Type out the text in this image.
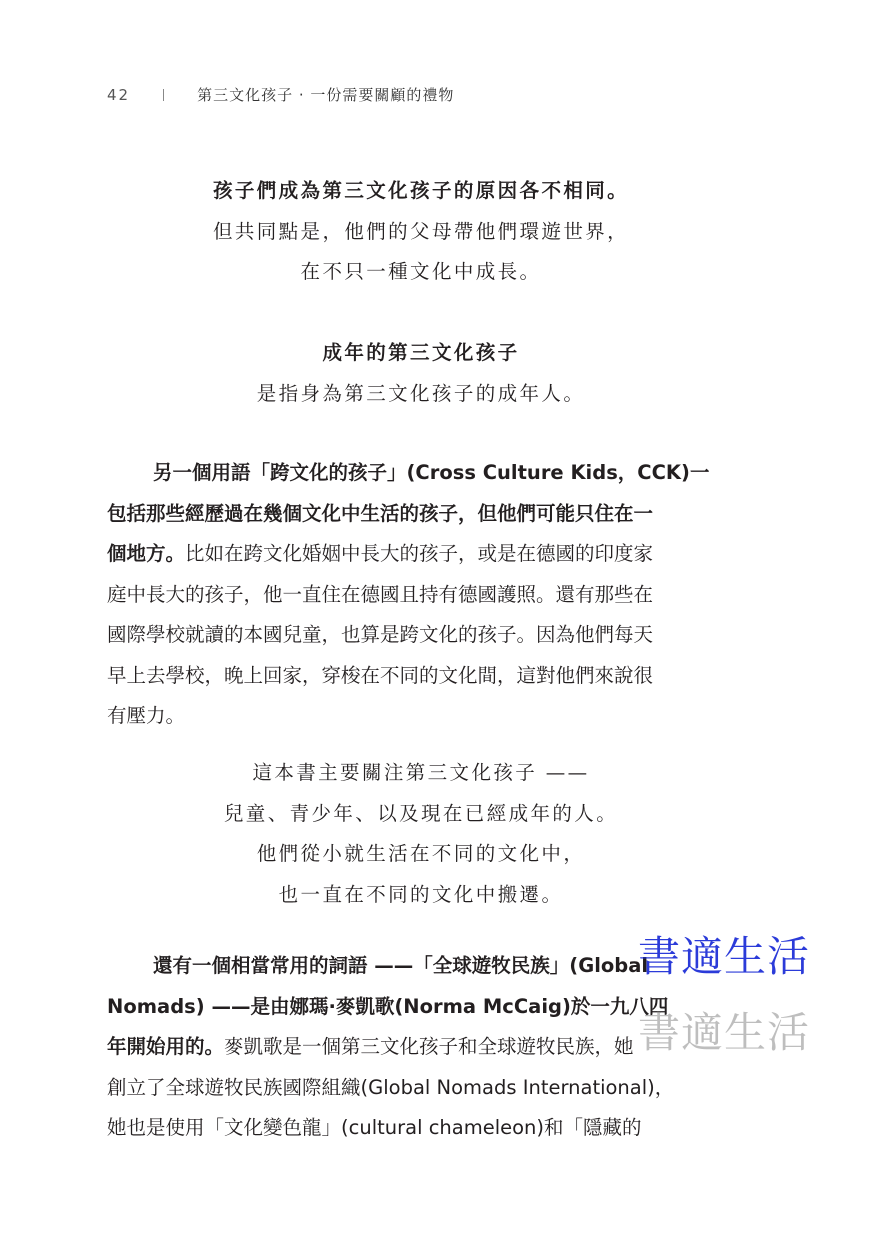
42	第三文化孩子 · 一份需要關顧的禮物
孩子們成為第三文化孩子的原因各不相同。
但共同點是，他們的父母帶他們環遊世界，
在不只一種文化中成長。
成年的第三文化孩子
是指身為第三文化孩子的成年人。
另一個用語「跨文化的孩子」(Cross Culture Kids，CCK)一
包括那些經歷過在幾個文化中生活的孩子，但他們可能只住在一
個地方。比如在跨文化婚姻中長大的孩子，或是在德國的印度家
庭中長大的孩子，他一直住在德國且持有德國護照。還有那些在
國際學校就讀的本國兒童，也算是跨文化的孩子。因為他們每天
早上去學校，晚上回家，穿梭在不同的文化間，這對他們來說很
有壓力。
這本書主要關注第三文化孩子 ——
兒童、青少年、以及現在已經成年的人。
他們從小就生活在不同的文化中，
也一直在不同的文化中搬遷。
還有一個相當常用的詞語 ——「全球遊牧民族」(Global
Nomads) ——是由娜瑪·麥凱歌(Norma McCaig)於一九八四
年開始用的。麥凱歌是一個第三文化孩子和全球遊牧民族，她
創立了全球遊牧民族國際組織(Global Nomads International)，
她也是使用「文化變色龍」(cultural chameleon)和「隱藏的
書適生活
書適生活
